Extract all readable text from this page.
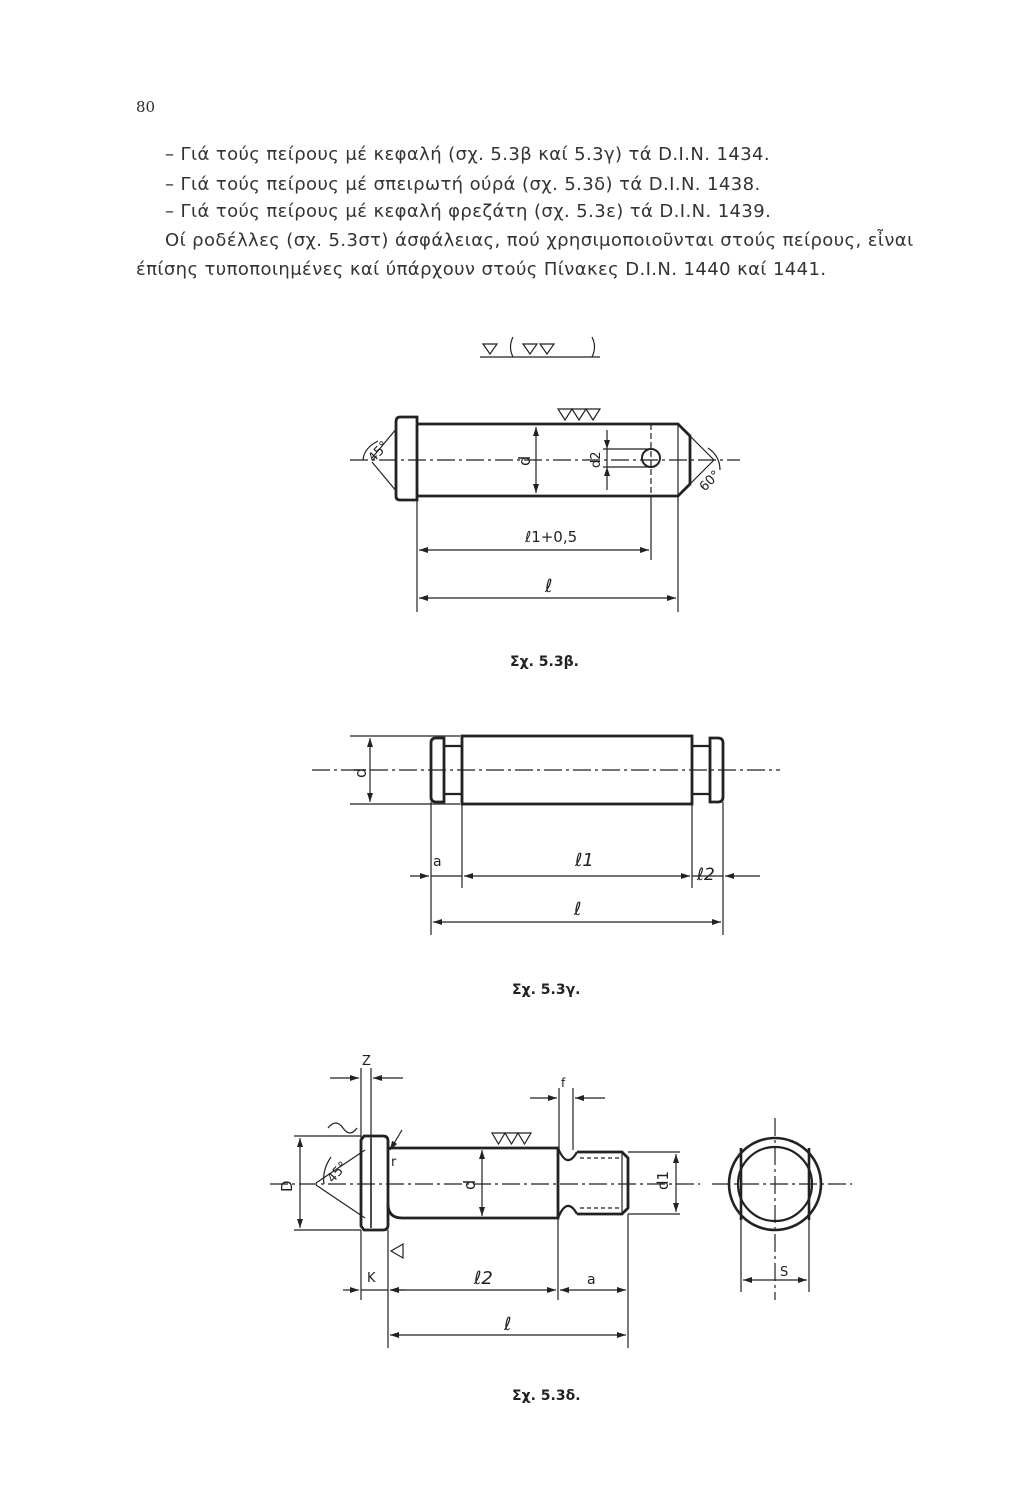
80
– Γιά τούς πείρους μέ κεφαλή (σχ. 5.3β καί 5.3γ) τά D.I.N. 1434.
– Γιά τούς πείρους μέ σπειρωτή ούρά (σχ. 5.3δ) τά D.I.N. 1438.
– Γιά τούς πείρους μέ κεφαλή φρεζάτη (σχ. 5.3ε) τά D.I.N. 1439.
Οί ροδέλλες (σχ. 5.3στ) άσφάλειας, πού χρησιμοποιοῦνται στούς πείρους, εἶναι
έπίσης τυποποιημένες καί ύπάρχουν στούς Πίνακες D.I.N. 1440 καί 1441.
45°
60°
d	d2
ℓ1+0,5
ℓ
d
a	ℓ1
ℓ2
ℓ
Z
f
D
45°	r
d	d1
K	ℓ2	a
ℓ
S
Σχ. 5.3β.
Σχ. 5.3γ.
Σχ. 5.3δ.
